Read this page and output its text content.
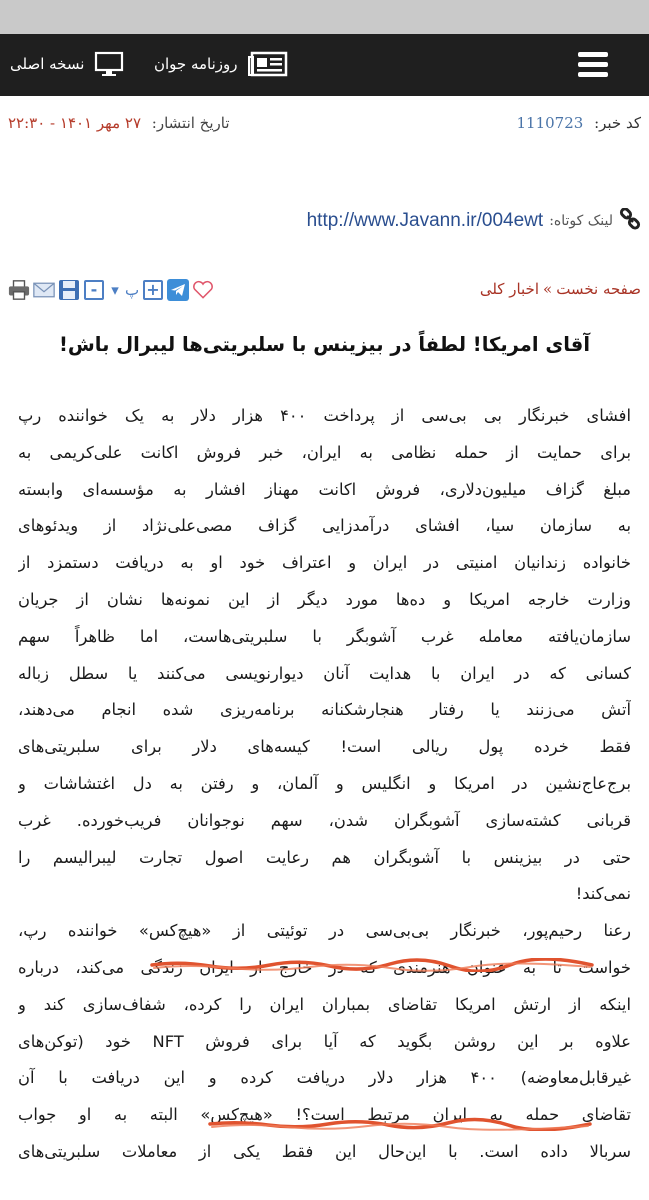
روزنامه جوان
نسخه اصلی
کد خبر: 1110723
تاریخ انتشار: ۲۷ مهر ۱۴۰۱ - ۲۲:۳۰
لینک کوتاه:
http://www.Javann.ir/004ewt
- ▾ پ +	صفحه نخست»اخبار کلی
آقای امریکا! لطفاً در بیزینس با سلبریتی‌ها لیبرال باش!
افشای خبرنگار بی بی‌سی از پرداخت ۴۰۰ هزار دلار به یک خواننده رپ
برای حمایت از حمله نظامی به ایران، خبر فروش اکانت علی‌کریمی به
مبلغ گزاف میلیون‌دلاری، فروش اکانت مهناز افشار به مؤسسه‌ای وابسته
به سازمان سیا، افشای درآمدزایی گزاف مصی‌علی‌نژاد از ویدئوهای
خانواده زندانیان امنیتی در ایران و اعتراف خود او به دریافت دستمزد از
وزارت خارجه امریکا و ده‌ها مورد دیگر از این نمونه‌ها نشان از جریان
سازمان‌یافته معامله غرب آشوبگر با سلبریتی‌هاست، اما ظاهراً سهم
کسانی که در ایران با هدایت آنان دیوارنویسی می‌کنند یا سطل زباله
آتش می‌زنند یا رفتار هنجارشکنانه برنامه‌ریزی شده انجام می‌دهند،
فقط خرده پول ریالی است! کیسه‌های دلار برای سلبریتی‌های
برج‌عاج‌نشین در امریکا و انگلیس و آلمان، و رفتن به دل اغتشاشات و
قربانی کشته‌سازی آشوبگران شدن، سهم نوجوانان فریب‌خورده. غرب
حتی در بیزینس با آشوبگران هم رعایت اصول تجارت لیبرالیسم را
نمی‌کند!
رعنا رحیم‌پور، خبرنگار بی‌بی‌سی در توئیتی از «هیچ‌کس» خواننده رپ،
خواست تا به عنوان هنرمندی که در خارج از ایران زندگی می‌کند، درباره
اینکه از ارتش امریکا تقاضای بمباران ایران را کرده، شفاف‌سازی کند و
علاوه بر این روشن بگوید که آیا برای فروش NFT خود (توکن‌های
غیرقابل‌معاوضه) ۴۰۰ هزار دلار دریافت کرده و این دریافت با آن
تقاضای حمله به ایران مرتبط است؟! «هیچ‌کس» البته به او جواب
سربالا داده است. با این‌حال این فقط یکی از معاملات سلبریتی‌های
